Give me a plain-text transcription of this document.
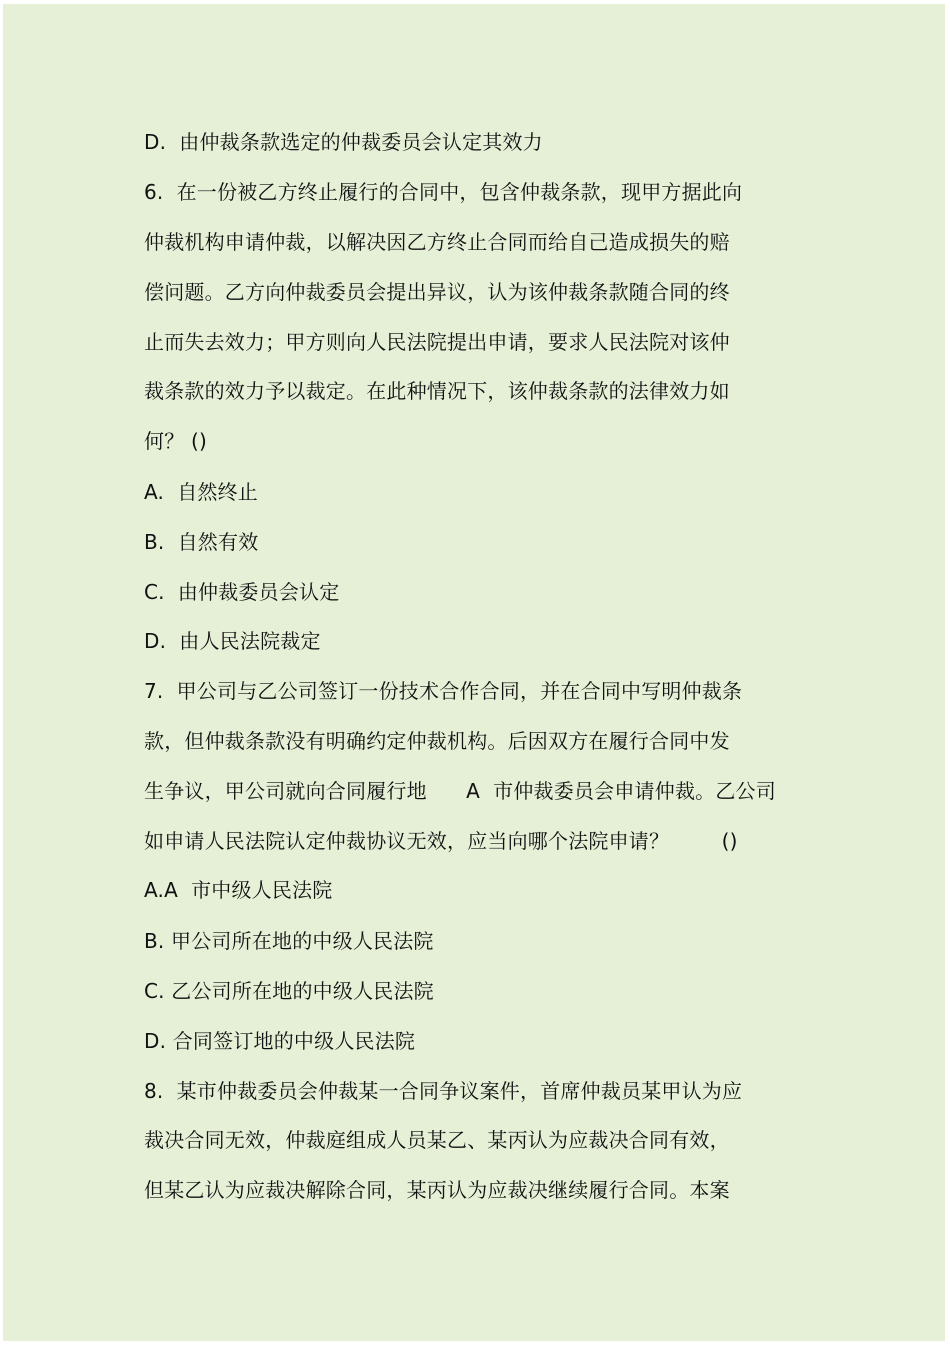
D.  由仲裁条款选定的仲裁委员会认定其效力
6.  在一份被乙方终止履行的合同中，包含仲裁条款，现甲方据此向
仲裁机构申请仲裁，以解决因乙方终止合同而给自己造成损失的赔
偿问题。乙方向仲裁委员会提出异议，认为该仲裁条款随合同的终
止而失去效力；甲方则向人民法院提出申请，要求人民法院对该仲
裁条款的效力予以裁定。在此种情况下，该仲裁条款的法律效力如
何？ ()
A.  自然终止
B.  自然有效
C.  由仲裁委员会认定
D.  由人民法院裁定
7.  甲公司与乙公司签订一份技术合作合同，并在合同中写明仲裁条
款，但仲裁条款没有明确约定仲裁机构。后因双方在履行合同中发
生争议，甲公司就向合同履行地      A  市仲裁委员会申请仲裁。乙公司
如申请人民法院认定仲裁协议无效，应当向哪个法院申请？        ()
A.A  市中级人民法院
B. 甲公司所在地的中级人民法院
C. 乙公司所在地的中级人民法院
D. 合同签订地的中级人民法院
8.  某市仲裁委员会仲裁某一合同争议案件，首席仲裁员某甲认为应
裁决合同无效，仲裁庭组成人员某乙、某丙认为应裁决合同有效，
但某乙认为应裁决解除合同，某丙认为应裁决继续履行合同。本案
